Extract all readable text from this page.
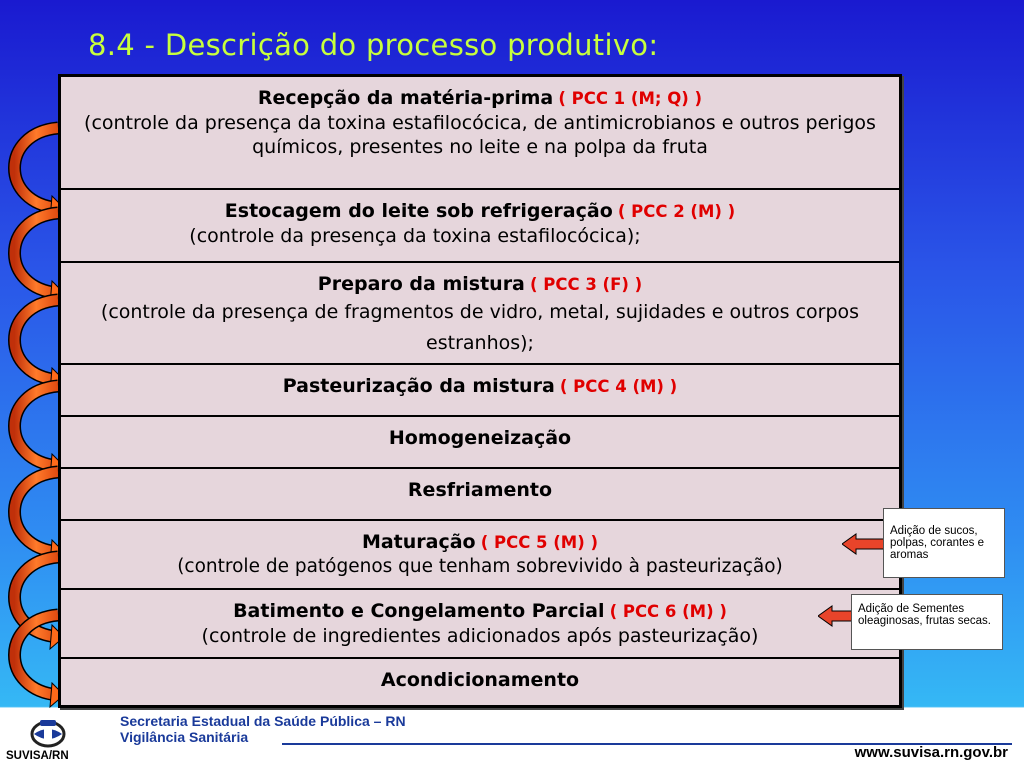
8.4 - Descrição do processo produtivo:
Recepção da matéria-prima ( PCC 1 (M; Q) )
(controle da presença da toxina estafilocócica, de antimicrobianos e outros perigos químicos, presentes no leite e na polpa da fruta
Estocagem do leite sob refrigeração ( PCC 2 (M) )
(controle da presença da toxina estafilocócica);
Preparo da mistura ( PCC 3 (F) )
(controle da presença de fragmentos de vidro, metal, sujidades e outros corpos estranhos);
Pasteurização da mistura ( PCC 4 (M) )
Homogeneização
Resfriamento
Maturação ( PCC 5 (M) )
(controle de patógenos que tenham sobrevivido à pasteurização)
Batimento e Congelamento Parcial ( PCC 6 (M) )
(controle de ingredientes adicionados após pasteurização)
Acondicionamento
Adição de sucos, polpas, corantes e aromas
Adição de Sementes oleaginosas, frutas secas.
SUVISA/RN
Secretaria Estadual da Saúde Pública – RN
Vigilância Sanitária
www.suvisa.rn.gov.br
